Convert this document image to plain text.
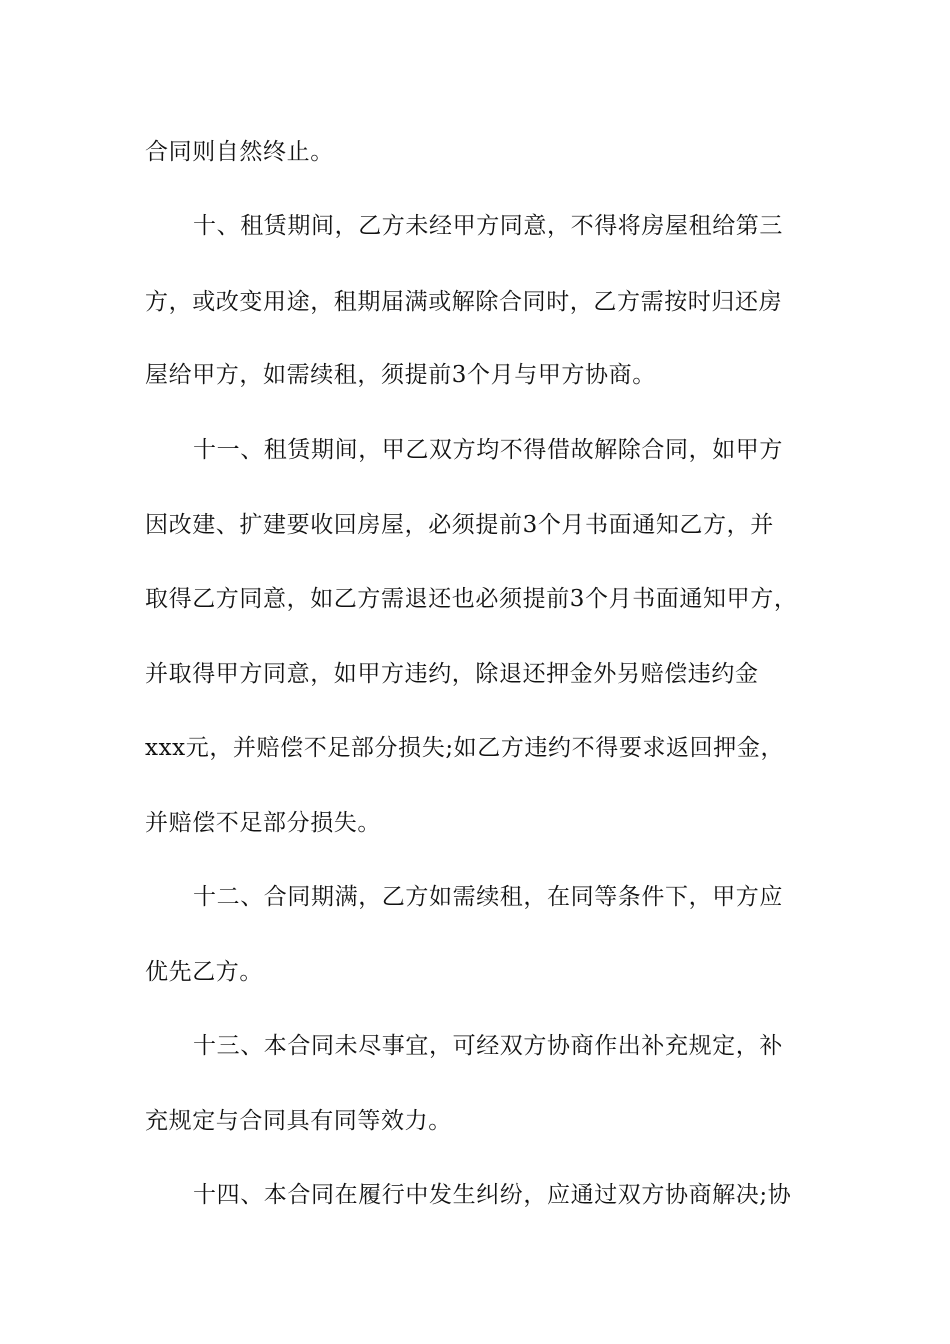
合同则自然终止。
十、租赁期间，乙方未经甲方同意，不得将房屋租给第三
方，或改变用途，租期届满或解除合同时，乙方需按时归还房
屋给甲方，如需续租，须提前3个月与甲方协商。
十一、租赁期间，甲乙双方均不得借故解除合同，如甲方
因改建、扩建要收回房屋，必须提前3个月书面通知乙方，并
取得乙方同意，如乙方需退还也必须提前3个月书面通知甲方，
并取得甲方同意，如甲方违约，除退还押金外另赔偿违约金
xxx元，并赔偿不足部分损失;如乙方违约不得要求返回押金，
并赔偿不足部分损失。
十二、合同期满，乙方如需续租，在同等条件下，甲方应
优先乙方。
十三、本合同未尽事宜，可经双方协商作出补充规定，补
充规定与合同具有同等效力。
十四、本合同在履行中发生纠纷，应通过双方协商解决;协
